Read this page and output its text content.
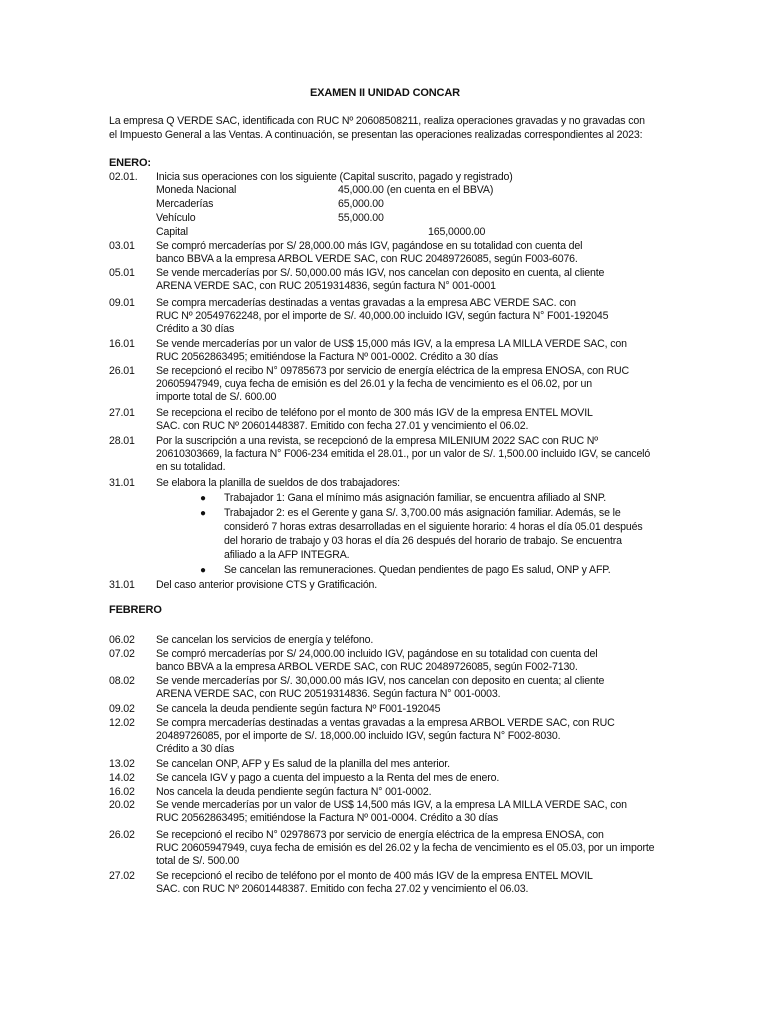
EXAMEN II UNIDAD CONCAR
La empresa Q VERDE SAC, identificada con RUC Nº 20608508211, realiza operaciones gravadas y no gravadas con
el Impuesto General a las Ventas. A continuación, se presentan las operaciones realizadas correspondientes al 2023:
ENERO:
02.01. Inicia sus operaciones con los siguiente (Capital suscrito, pagado y registrado)
Moneda Nacional	45,000.00 (en cuenta en el BBVA)
Mercaderías	65,000.00
Vehículo	55,000.00
Capital	165,0000.00
03.01 Se compró mercaderías por S/ 28,000.00 más IGV, pagándose en su totalidad con cuenta del
banco BBVA a la empresa ARBOL VERDE SAC, con RUC 20489726085, según F003-6076.
05.01 Se vende mercaderías por S/. 50,000.00 más IGV, nos cancelan con deposito en cuenta, al cliente
ARENA VERDE SAC, con RUC 20519314836, según factura N° 001-0001
09.01 Se compra mercaderías destinadas a ventas gravadas a la empresa ABC VERDE SAC. con
RUC Nº 20549762248, por el importe de S/. 40,000.00 incluido IGV, según factura N° F001-192045
Crédito a 30 días
16.01 Se vende mercaderías por un valor de US$ 15,000 más IGV, a la empresa LA MILLA VERDE SAC, con
RUC 20562863495; emitiéndose la Factura Nº 001-0002. Crédito a 30 días
26.01 Se recepcionó el recibo N° 09785673 por servicio de energía eléctrica de la empresa ENOSA, con RUC
20605947949, cuya fecha de emisión es del 26.01 y la fecha de vencimiento es el 06.02, por un
importe total de S/. 600.00
27.01 Se recepciona el recibo de teléfono por el monto de 300 más IGV de la empresa ENTEL MOVIL
SAC. con RUC Nº 20601448387. Emitido con fecha 27.01 y vencimiento el 06.02.
28.01 Por la suscripción a una revista, se recepcionó de la empresa MILENIUM 2022 SAC con RUC Nº
20610303669, la factura N° F006-234 emitida el 28.01., por un valor de S/. 1,500.00 incluido IGV, se canceló
en su totalidad.
31.01 Se elabora la planilla de sueldos de dos trabajadores:
● Trabajador 1: Gana el mínimo más asignación familiar, se encuentra afiliado al SNP.
● Trabajador 2: es el Gerente y gana S/. 3,700.00 más asignación familiar. Además, se le
consideró 7 horas extras desarrolladas en el siguiente horario: 4 horas el día 05.01 después
del horario de trabajo y 03 horas el día 26 después del horario de trabajo. Se encuentra
afiliado a la AFP INTEGRA.
● Se cancelan las remuneraciones. Quedan pendientes de pago Es salud, ONP y AFP.
31.01 Del caso anterior provisione CTS y Gratificación.
FEBRERO
06.02 Se cancelan los servicios de energía y teléfono.
07.02 Se compró mercaderías por S/ 24,000.00 incluido IGV, pagándose en su totalidad con cuenta del
banco BBVA a la empresa ARBOL VERDE SAC, con RUC 20489726085, según F002-7130.
08.02 Se vende mercaderías por S/. 30,000.00 más IGV, nos cancelan con deposito en cuenta; al cliente
ARENA VERDE SAC, con RUC 20519314836. Según factura N° 001-0003.
09.02 Se cancela la deuda pendiente según factura Nº F001-192045
12.02 Se compra mercaderías destinadas a ventas gravadas a la empresa ARBOL VERDE SAC, con RUC
20489726085, por el importe de S/. 18,000.00 incluido IGV, según factura N° F002-8030.
Crédito a 30 días
13.02 Se cancelan ONP, AFP y Es salud de la planilla del mes anterior.
14.02 Se cancela IGV y pago a cuenta del impuesto a la Renta del mes de enero.
16.02 Nos cancela la deuda pendiente según factura N° 001-0002.
20.02 Se vende mercaderías por un valor de US$ 14,500 más IGV, a la empresa LA MILLA VERDE SAC, con
RUC 20562863495; emitiéndose la Factura Nº 001-0004. Crédito a 30 días
26.02 Se recepcionó el recibo N° 02978673 por servicio de energía eléctrica de la empresa ENOSA, con
RUC 20605947949, cuya fecha de emisión es del 26.02 y la fecha de vencimiento es el 05.03, por un importe
total de S/. 500.00
27.02 Se recepcionó el recibo de teléfono por el monto de 400 más IGV de la empresa ENTEL MOVIL
SAC. con RUC Nº 20601448387. Emitido con fecha 27.02 y vencimiento el 06.03.
